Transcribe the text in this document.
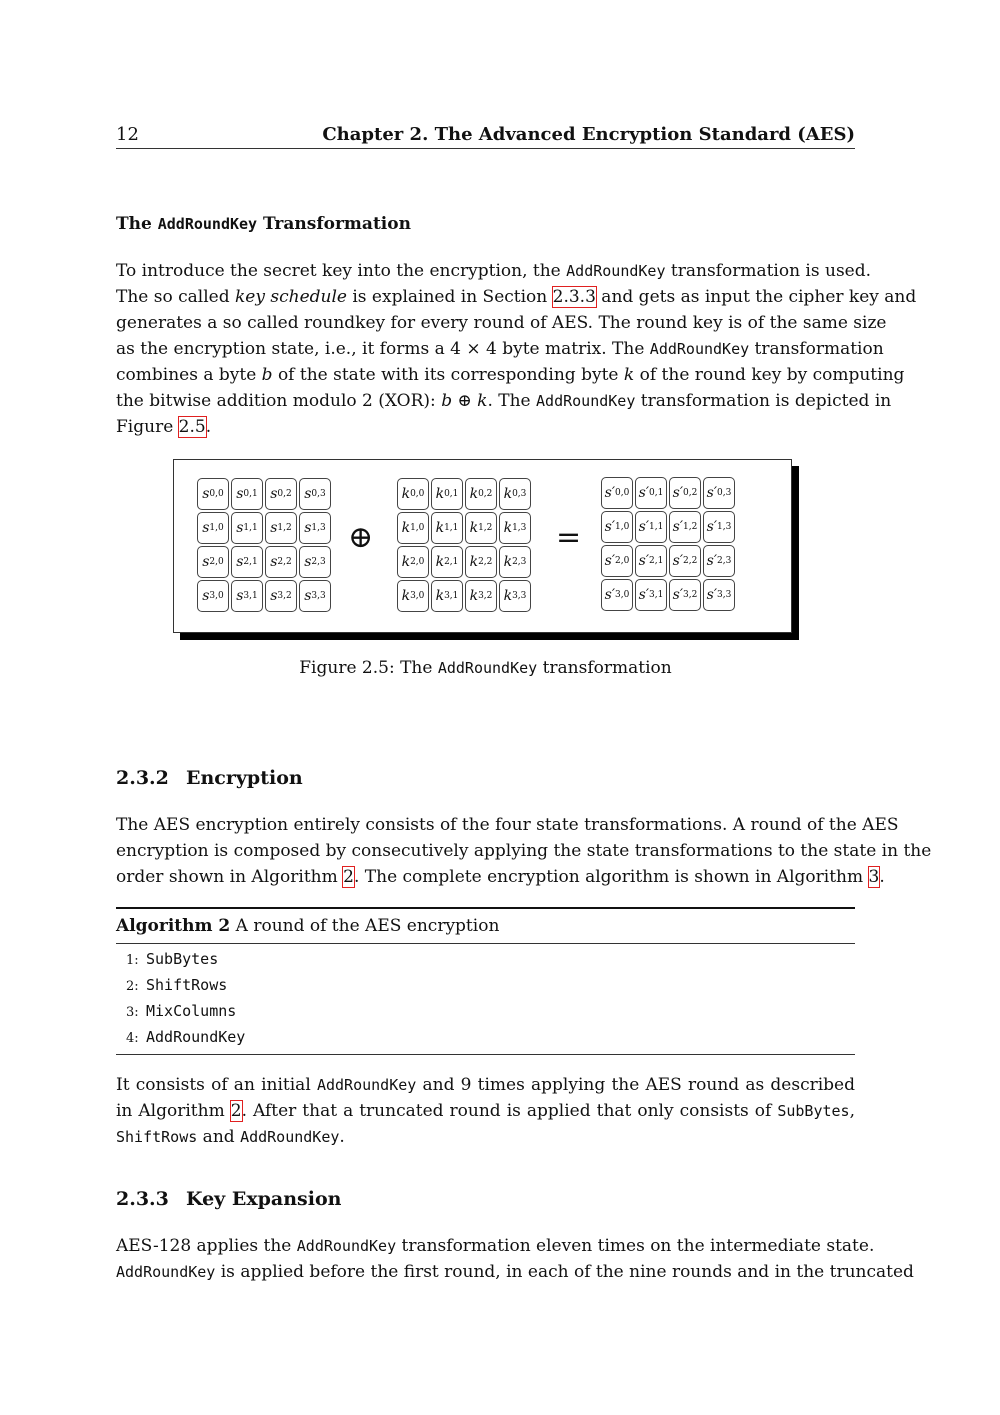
12	Chapter 2. The Advanced Encryption Standard (AES)
The AddRoundKey Transformation
To introduce the secret key into the encryption, the AddRoundKey transformation is used.
The so called key schedule is explained in Section 2.3.3 and gets as input the cipher key and
generates a so called roundkey for every round of AES. The round key is of the same size
as the encryption state, i.e., it forms a 4 × 4 byte matrix. The AddRoundKey transformation
combines a byte b of the state with its corresponding byte k of the round key by computing
the bitwise addition modulo 2 (XOR): b ⊕ k. The AddRoundKey transformation is depicted in
Figure 2.5.
s 0,0 s 0,1 s 0,2 s 0,3
s 1,0 s 1,1 s 1,2 s 1,3
s 2,0 s 2,1 s 2,2 s 2,3
s 3,0 s 3,1 s 3,2 s 3,3
⊕
k 0,0 k 0,1 k 0,2 k 0,3
k 1,0 k 1,1 k 1,2 k 1,3
k 2,0 k 2,1 k 2,2 k 2,3
k 3,0 k 3,1 k 3,2 k 3,3
=
s′ 0,0 s′ 0,1 s′ 0,2 s′ 0,3
s′ 1,0 s′ 1,1 s′ 1,2 s′ 1,3
s′ 2,0 s′ 2,1 s′ 2,2 s′ 2,3
s′ 3,0 s′ 3,1 s′ 3,2 s′ 3,3
Figure 2.5: The AddRoundKey transformation
2.3.2 Encryption
The AES encryption entirely consists of the four state transformations. A round of the AES
encryption is composed by consecutively applying the state transformations to the state in the
order shown in Algorithm 2. The complete encryption algorithm is shown in Algorithm 3.
Algorithm 2 A round of the AES encryption
1: SubBytes
2: ShiftRows
3: MixColumns
4: AddRoundKey
It consists of an initial AddRoundKey and 9 times applying the AES round as described
in Algorithm 2. After that a truncated round is applied that only consists of SubBytes,
ShiftRows and AddRoundKey.
2.3.3 Key Expansion
AES-128 applies the AddRoundKey transformation eleven times on the intermediate state.
AddRoundKey is applied before the first round, in each of the nine rounds and in the truncated
